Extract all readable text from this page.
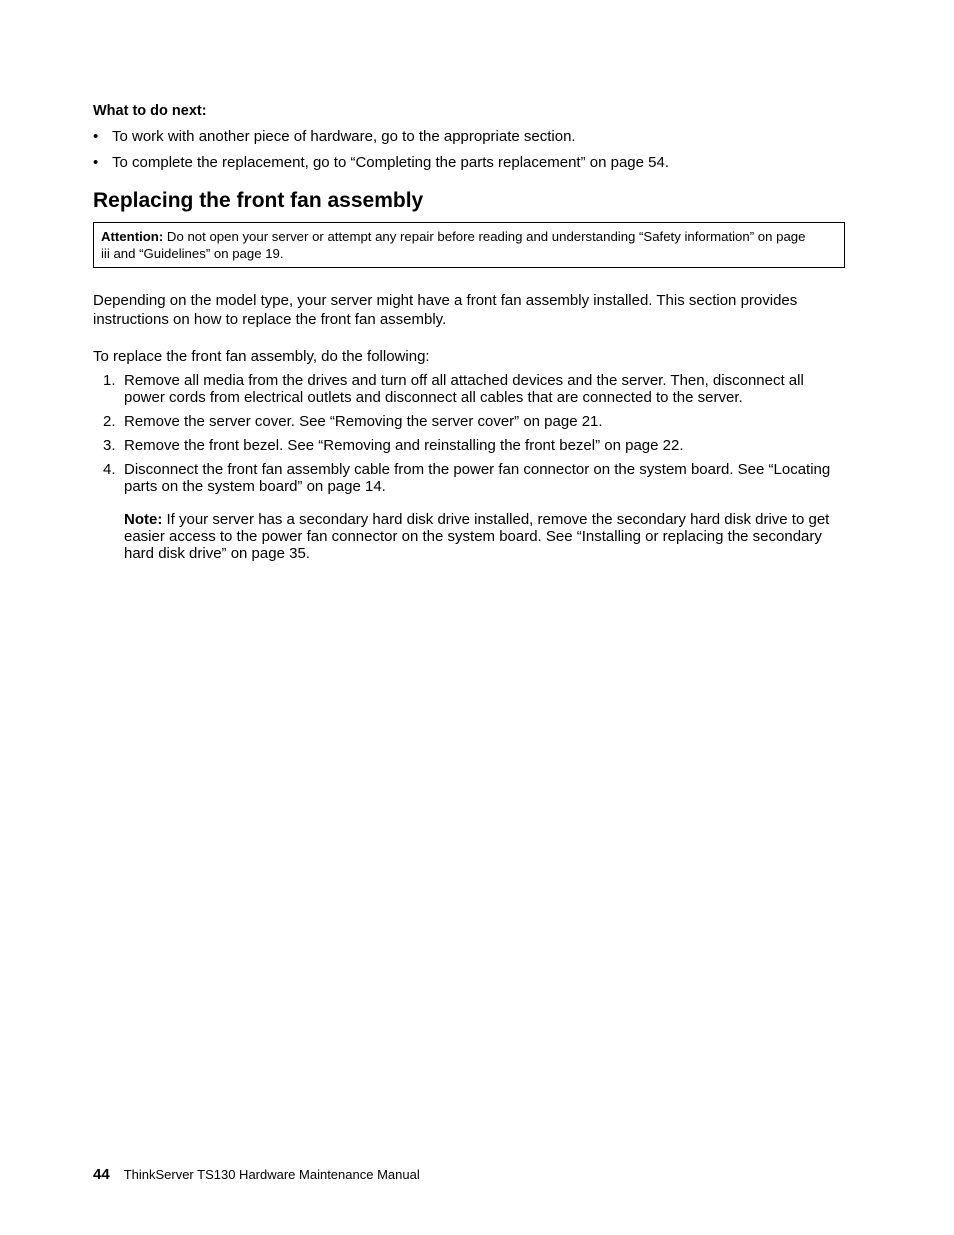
What to do next:
• To work with another piece of hardware, go to the appropriate section.
• To complete the replacement, go to “Completing the parts replacement” on page 54.
Replacing the front fan assembly
Attention: Do not open your server or attempt any repair before reading and understanding “Safety information” on page iii and “Guidelines” on page 19.

Depending on the model type, your server might have a front fan assembly installed. This section provides instructions on how to replace the front fan assembly.

To replace the front fan assembly, do the following:

1. Remove all media from the drives and turn off all attached devices and the server. Then, disconnect all power cords from electrical outlets and disconnect all cables that are connected to the server.
2. Remove the server cover. See “Removing the server cover” on page 21.
3. Remove the front bezel. See “Removing and reinstalling the front bezel” on page 22.
4. Disconnect the front fan assembly cable from the power fan connector on the system board. See “Locating parts on the system board” on page 14.
Note: If your server has a secondary hard disk drive installed, remove the secondary hard disk drive to get easier access to the power fan connector on the system board. See “Installing or replacing the secondary hard disk drive” on page 35.
44 ThinkServer TS130 Hardware Maintenance Manual
